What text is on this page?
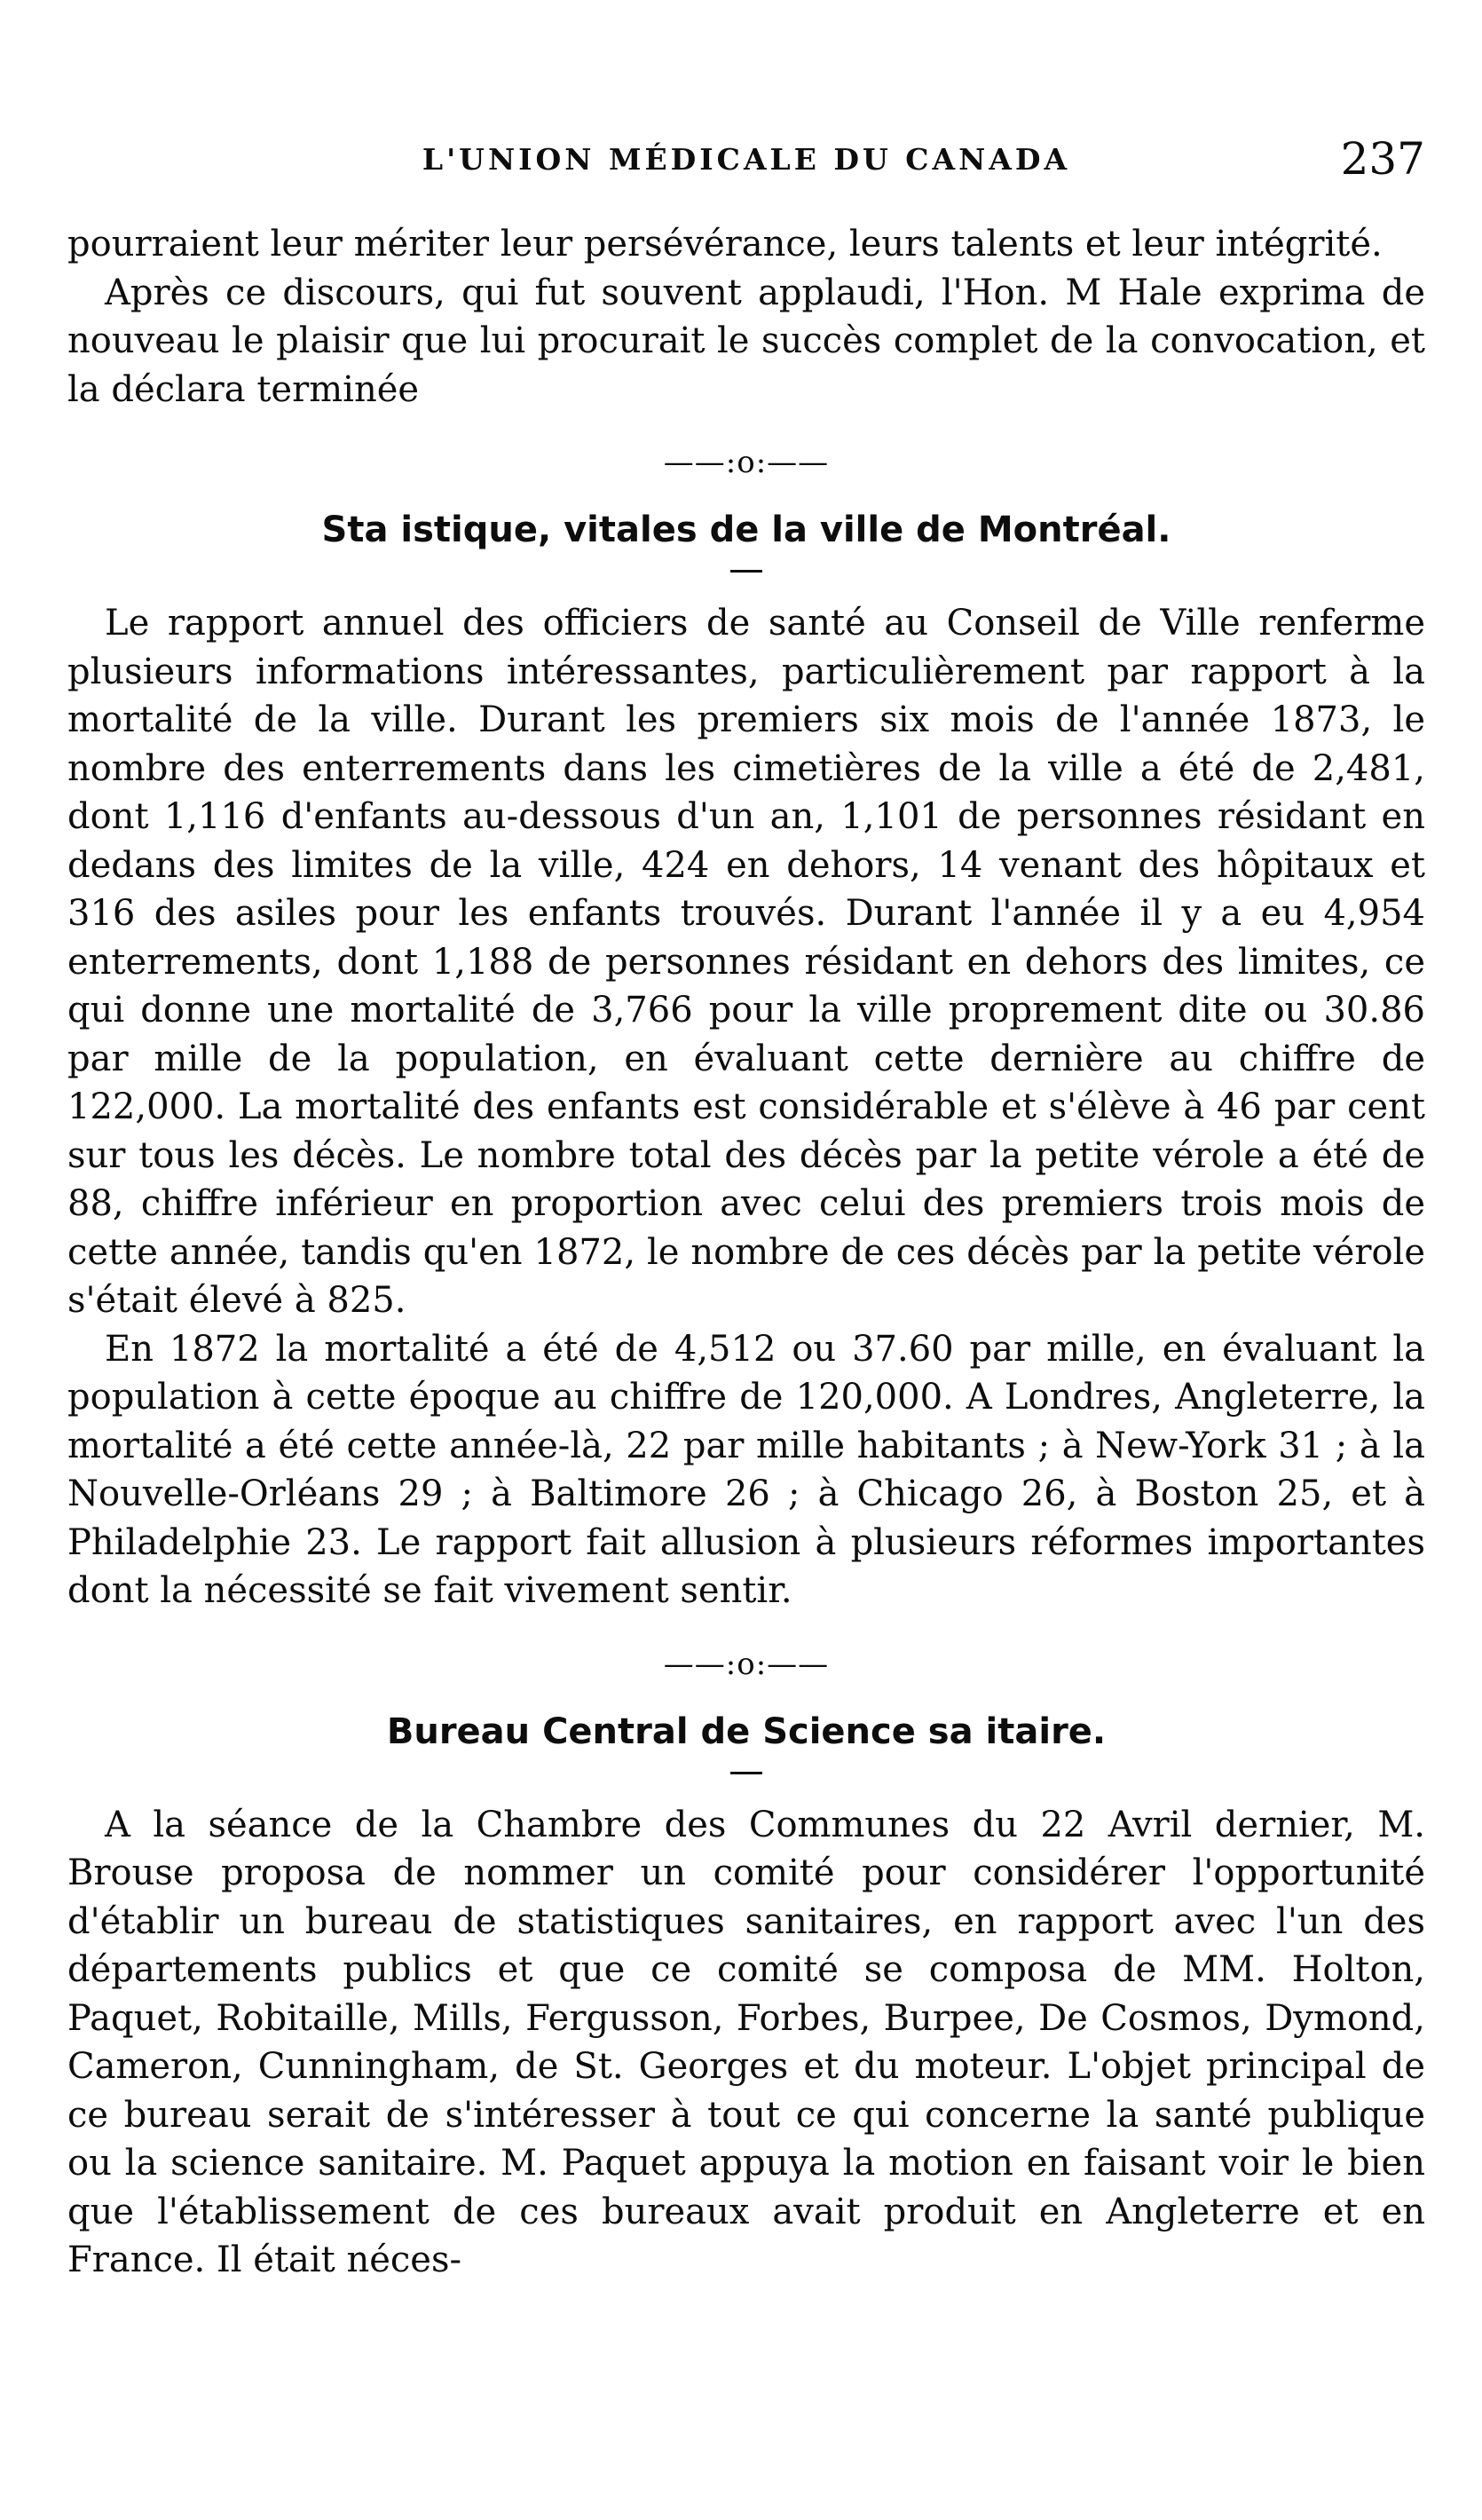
L'UNION MÉDICALE DU CANADA	237

pourraient leur mériter leur persévérance, leurs talents et leur intégrité.

Après ce discours, qui fut souvent applaudi, l'Hon. M Hale exprima de nouveau le plaisir que lui procurait le succès complet de la convocation, et la déclara terminée

——:o:——
Sta istique, vitales de la ville de Montréal.

Le rapport annuel des officiers de santé au Conseil de Ville renferme plusieurs informations intéressantes, particulièrement par rapport à la mortalité de la ville. Durant les premiers six mois de l'année 1873, le nombre des enterrements dans les cimetières de la ville a été de 2,481, dont 1,116 d'enfants au-dessous d'un an, 1,101 de personnes résidant en dedans des limites de la ville, 424 en dehors, 14 venant des hôpitaux et 316 des asiles pour les enfants trouvés. Durant l'année il y a eu 4,954 enterrements, dont 1,188 de personnes résidant en dehors des limites, ce qui donne une mortalité de 3,766 pour la ville proprement dite ou 30.86 par mille de la population, en évaluant cette dernière au chiffre de 122,000. La mortalité des enfants est considérable et s'élève à 46 par cent sur tous les décès. Le nombre total des décès par la petite vérole a été de 88, chiffre inférieur en proportion avec celui des premiers trois mois de cette année, tandis qu'en 1872, le nombre de ces décès par la petite vérole s'était élevé à 825.

En 1872 la mortalité a été de 4,512 ou 37.60 par mille, en évaluant la population à cette époque au chiffre de 120,000. A Londres, Angleterre, la mortalité a été cette année-là, 22 par mille habitants ; à New-York 31 ; à la Nouvelle-Orléans 29 ; à Baltimore 26 ; à Chicago 26, à Boston 25, et à Philadelphie 23. Le rapport fait allusion à plusieurs réformes importantes dont la nécessité se fait vivement sentir.

——:o:——
Bureau Central de Science sa itaire.

A la séance de la Chambre des Communes du 22 Avril dernier, M. Brouse proposa de nommer un comité pour considérer l'opportunité d'établir un bureau de statistiques sanitaires, en rapport avec l'un des départements publics et que ce comité se composa de MM. Holton, Paquet, Robitaille, Mills, Fergusson, Forbes, Burpee, De Cosmos, Dymond, Cameron, Cunningham, de St. Georges et du moteur. L'objet principal de ce bureau serait de s'intéresser à tout ce qui concerne la santé publique ou la science sanitaire. M. Paquet appuya la motion en faisant voir le bien que l'établissement de ces bureaux avait produit en Angleterre et en France. Il était néces-
